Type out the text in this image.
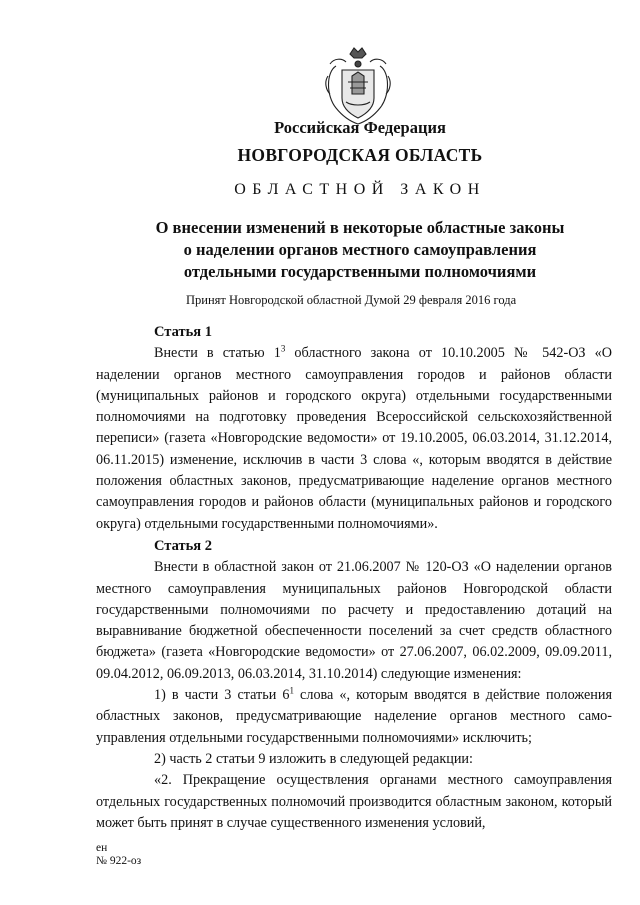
Российская Федерация
НОВГОРОДСКАЯ ОБЛАСТЬ
ОБЛАСТНОЙ ЗАКОН
О внесении изменений в некоторые областные законы
о наделении органов местного самоуправления
отдельными государственными полномочиями
Принят Новгородской областной Думой 29 февраля 2016 года
Статья 1

Внести в статью $1^3$ областного закона от 10.10.2005 № 542-ОЗ «О наделении органов местного самоуправления городов и районов области (муниципальных районов и городского округа) отдельными государственными полномочиями на подготовку проведения Всероссийской сельскохозяйственной переписи» (газета «Новгородские ведомости» от 19.10.2005, 06.03.2014, 31.12.2014, 06.11.2015) изменение, исключив в части 3 слова «, которым вводятся в действие положения областных законов, предусматривающие наделение органов местного самоуправления городов и районов области (муниципальных районов и городского округа) отдельными государственными полномочиями».

Статья 2

Внести в областной закон от 21.06.2007 № 120-ОЗ «О наделении органов местного самоуправления муниципальных районов Новгородской области государственными полномочиями по расчету и предоставлению дотаций на выравнивание бюджетной обеспеченности поселений за счет средств областного бюджета» (газета «Новгородские ведомости» от 27.06.2007, 06.02.2009, 09.09.2011, 09.04.2012, 06.09.2013, 06.03.2014, 31.10.2014) следующие изменения:

1) в части 3 статьи $6^1$ слова «, которым вводятся в действие положения областных законов, предусматривающие наделение органов местного самоуправления отдельными государственными полномочиями» исключить;

2) часть 2 статьи 9 изложить в следующей редакции:

«2. Прекращение осуществления органами местного самоуправления отдельных государственных полномочий производится областным законом, который может быть принят в случае существенного изменения условий,

ен
№ 922-оз
